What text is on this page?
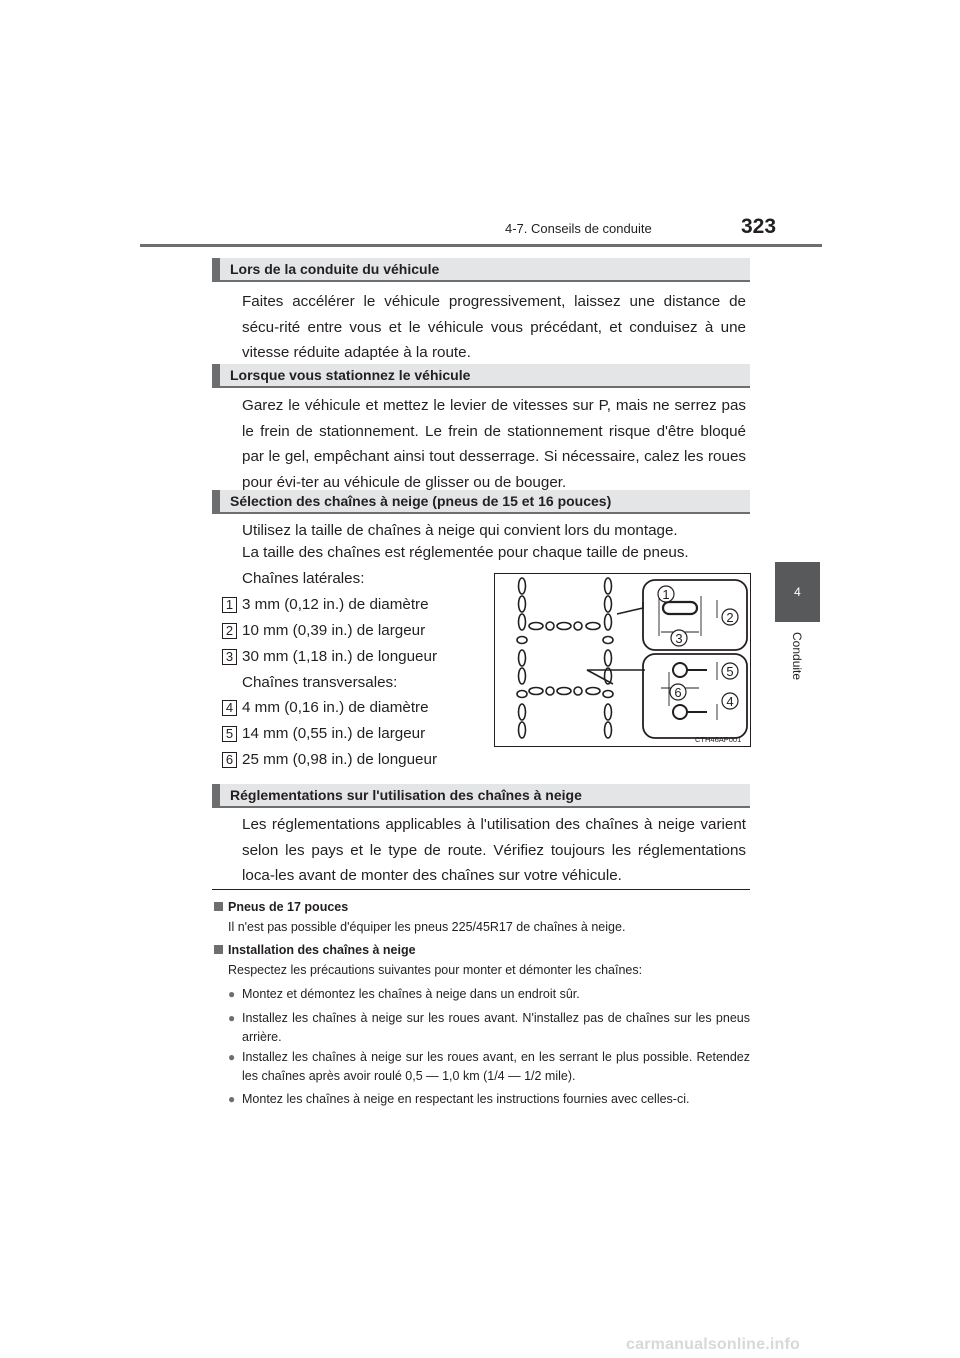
4-7. Conseils de conduite	323
4
Conduite
Lors de la conduite du véhicule
Faites accélérer le véhicule progressivement, laissez une distance de sécu-rité entre vous et le véhicule vous précédant, et conduisez à une vitesse réduite adaptée à la route.
Lorsque vous stationnez le véhicule
Garez le véhicule et mettez le levier de vitesses sur P, mais ne serrez pas le frein de stationnement. Le frein de stationnement risque d'être bloqué par le gel, empêchant ainsi tout desserrage. Si nécessaire, calez les roues pour évi-ter au véhicule de glisser ou de bouger.
Sélection des chaînes à neige (pneus de 15 et 16 pouces)
Utilisez la taille de chaînes à neige qui convient lors du montage.
La taille des chaînes est réglementée pour chaque taille de pneus.
Chaînes latérales:
1 3 mm (0,12 in.) de diamètre
2 10 mm (0,39 in.) de largeur
3 30 mm (1,18 in.) de longueur
Chaînes transversales:
4 4 mm (0,16 in.) de diamètre
5 14 mm (0,55 in.) de largeur
6 25 mm (0,98 in.) de longueur
1
2
3
4
5
6
CTH46AP001
Réglementations sur l'utilisation des chaînes à neige
Les réglementations applicables à l'utilisation des chaînes à neige varient selon les pays et le type de route. Vérifiez toujours les réglementations loca-les avant de monter des chaînes sur votre véhicule.
Pneus de 17 pouces
Il n'est pas possible d'équiper les pneus 225/45R17 de chaînes à neige.
Installation des chaînes à neige
Respectez les précautions suivantes pour monter et démonter les chaînes:
● Montez et démontez les chaînes à neige dans un endroit sûr.
● Installez les chaînes à neige sur les roues avant. N'installez pas de chaînes sur les pneus arrière.
● Installez les chaînes à neige sur les roues avant, en les serrant le plus possible. Retendez les chaînes après avoir roulé 0,5 — 1,0 km (1/4 — 1/2 mile).
● Montez les chaînes à neige en respectant les instructions fournies avec celles-ci.
carmanualsonline.info
